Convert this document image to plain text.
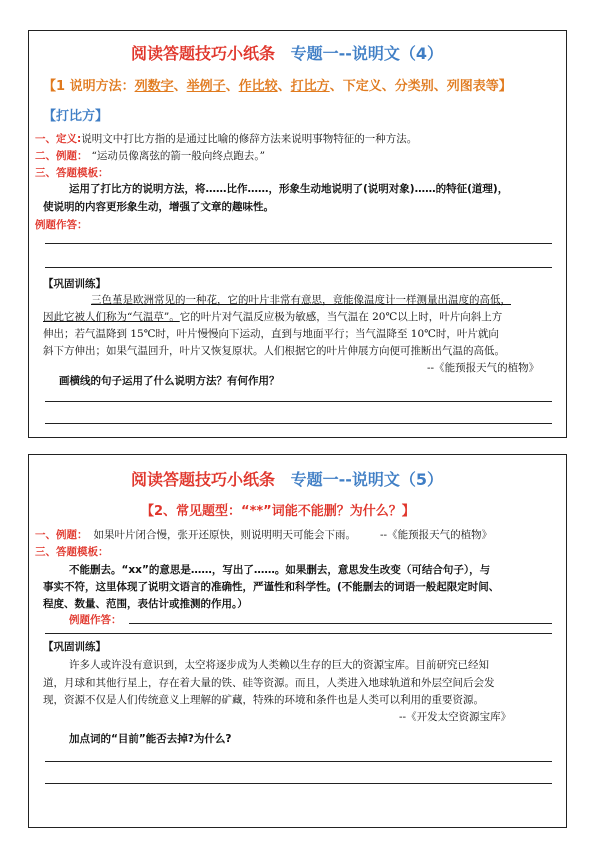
阅读答题技巧小纸条 专题一--说明文（4）
【1 说明方法：列数字、举例子、作比较、打比方、下定义、分类别、列图表等】
【打比方】
一、定义:说明文中打比方指的是通过比喻的修辞方法来说明事物特征的一种方法。
二、例题： “运动员像离弦的箭一般向终点跑去。”
三、答题模板：
运用了打比方的说明方法，将……比作……，形象生动地说明了(说明对象)……的特征(道理)，
使说明的内容更形象生动，增强了文章的趣味性。
例题作答：
【巩固训练】
三色堇是欧洲常见的一种花，它的叶片非常有意思，竟能像温度计一样测量出温度的高低，
因此它被人们称为“气温草”。它的叶片对气温反应极为敏感，当气温在 20℃以上时，叶片向斜上方
伸出；若气温降到 15℃时，叶片慢慢向下运动，直到与地面平行；当气温降至 10℃时，叶片就向
斜下方伸出；如果气温回升，叶片又恢复原状。人们根据它的叶片伸展方向便可推断出气温的高低。
--《能预报天气的植物》
画横线的句子运用了什么说明方法？有何作用？
阅读答题技巧小纸条 专题一--说明文（5）
【2、常见题型：“**”词能不能删？为什么？】
一、例题： 如果叶片闭合慢，张开还原快，则说明明天可能会下雨。 --《能预报天气的植物》
三、答题模板：
不能删去。“xx”的意思是……，写出了……。如果删去，意思发生改变（可结合句子），与
事实不符，这里体现了说明文语言的准确性，严谨性和科学性。(不能删去的词语一般起限定时间、
程度、数量、范围，表估计或推测的作用。）
例题作答：
【巩固训练】
许多人或许没有意识到，太空将逐步成为人类赖以生存的巨大的资源宝库。目前研究已经知
道，月球和其他行星上，存在着大量的铁、硅等资源。而且，人类进入地球轨道和外层空间后会发
现，资源不仅是人们传统意义上理解的矿藏，特殊的环境和条件也是人类可以利用的重要资源。
--《开发太空资源宝库》
加点词的“目前”能否去掉?为什么?
